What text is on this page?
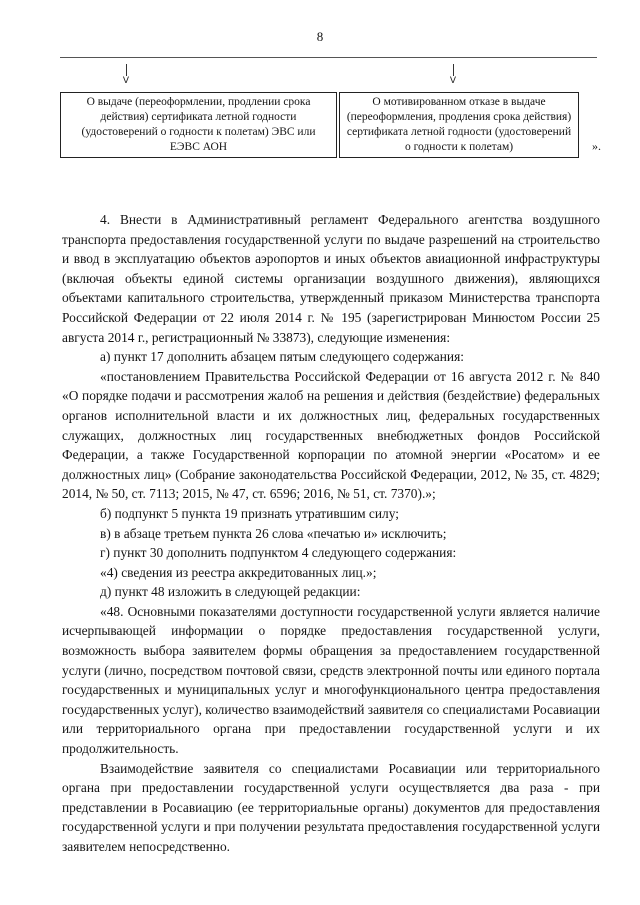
8
V	V
О выдаче (переоформлении, продлении срока действия) сертификата летной годности (удостоверений о годности к полетам) ЭВС или ЕЭВС АОН
О мотивированном отказе в выдаче (переоформления, продления срока действия) сертификата летной годности (удостоверений о годности к полетам)	».

4. Внести в Административный регламент Федерального агентства воздушного транспорта предоставления государственной услуги по выдаче разрешений на строительство и ввод в эксплуатацию объектов аэропортов и иных объектов авиационной инфраструктуры (включая объекты единой системы организации воздушного движения), являющихся объектами капитального строительства, утвержденный приказом Министерства транспорта Российской Федерации от 22 июля 2014 г. № 195 (зарегистрирован Минюстом России 25 августа 2014 г., регистрационный № 33873), следующие изменения:

а) пункт 17 дополнить абзацем пятым следующего содержания:

«постановлением Правительства Российской Федерации от 16 августа 2012 г. № 840 «О порядке подачи и рассмотрения жалоб на решения и действия (бездействие) федеральных органов исполнительной власти и их должностных лиц, федеральных государственных служащих, должностных лиц государственных внебюджетных фондов Российской Федерации, а также Государственной корпорации по атомной энергии «Росатом» и ее должностных лиц» (Собрание законодательства Российской Федерации, 2012, № 35, ст. 4829; 2014, № 50, ст. 7113; 2015, № 47, ст. 6596; 2016, № 51, ст. 7370).»;

б) подпункт 5 пункта 19 признать утратившим силу;

в) в абзаце третьем пункта 26 слова «печатью и» исключить;

г) пункт 30 дополнить подпунктом 4 следующего содержания:

«4) сведения из реестра аккредитованных лиц.»;

д) пункт 48 изложить в следующей редакции:

«48. Основными показателями доступности государственной услуги является наличие исчерпывающей информации о порядке предоставления государственной услуги, возможность выбора заявителем формы обращения за предоставлением государственной услуги (лично, посредством почтовой связи, средств электронной почты или единого портала государственных и муниципальных услуг и многофункционального центра предоставления государственных услуг), количество взаимодействий заявителя со специалистами Росавиации или территориального органа при предоставлении государственной услуги и их продолжительность.

Взаимодействие заявителя со специалистами Росавиации или территориального органа при предоставлении государственной услуги осуществляется два раза - при представлении в Росавиацию (ее территориальные органы) документов для предоставления государственной услуги и при получении результата предоставления государственной услуги заявителем непосредственно.
